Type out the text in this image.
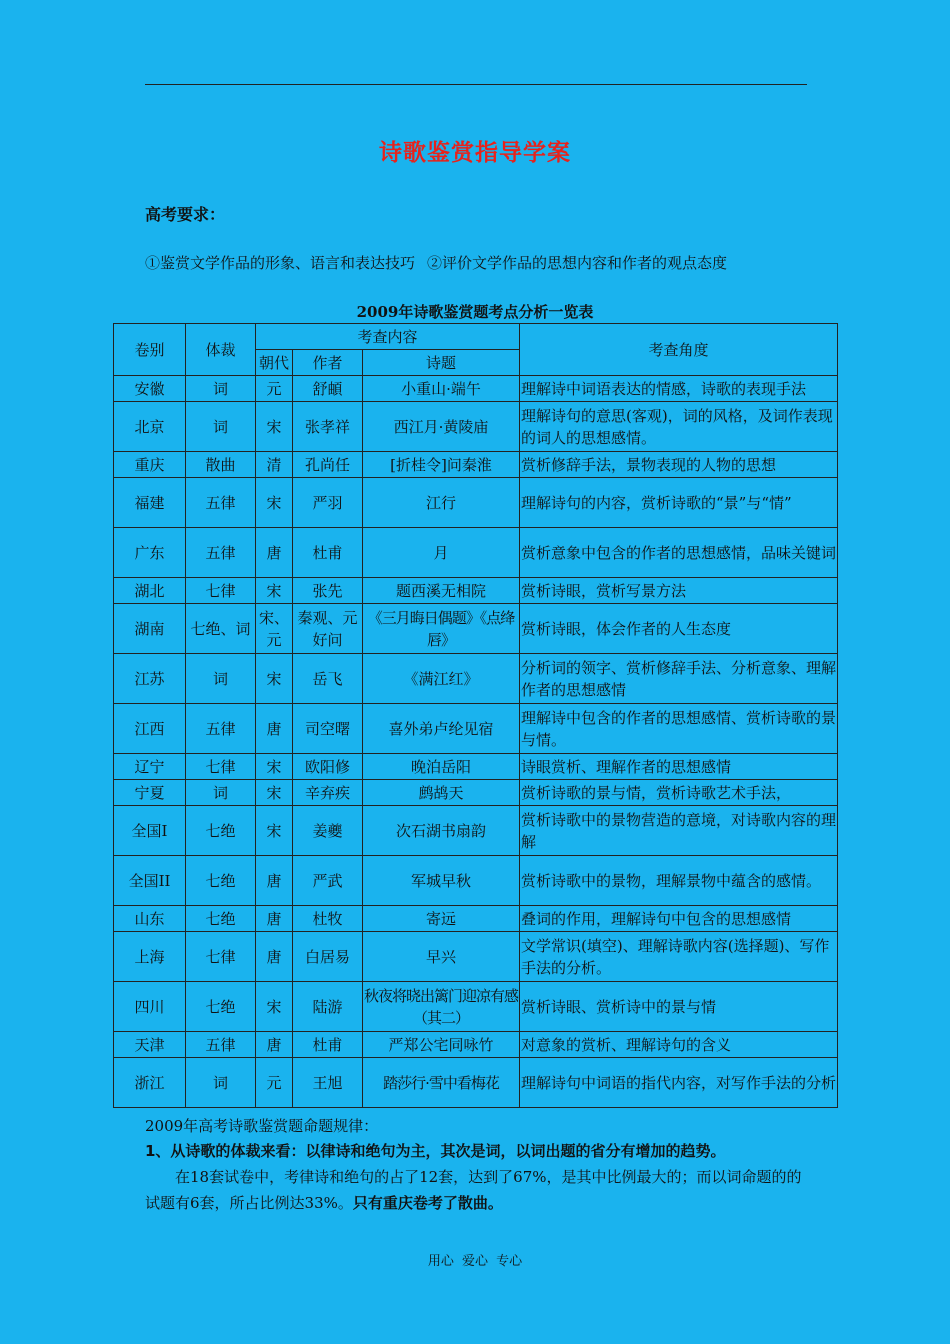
诗歌鉴赏指导学案
高考要求：
①鉴赏文学作品的形象、语言和表达技巧 ②评价文学作品的思想内容和作者的观点态度
2009年诗歌鉴赏题考点分析一览表
卷别	体裁	考查内容			考查角度
		朝代	作者	诗题	
安徽	词	元	舒頔	小重山·端午	理解诗中词语表达的情感，诗歌的表现手法
北京	词	宋	张孝祥	西江月·黄陵庙	理解诗句的意思(客观)，词的风格，及词作表现的词人的思想感情。
重庆	散曲	清	孔尚任	[折桂令]问秦淮	赏析修辞手法，景物表现的人物的思想
福建	五律	宋	严羽	江行	理解诗句的内容，赏析诗歌的“景”与“情”
广东	五律	唐	杜甫	月	赏析意象中包含的作者的思想感情，品味关键词
湖北	七律	宋	张先	题西溪无相院	赏析诗眼，赏析写景方法
湖南	七绝、词	宋、元	秦观、元好问	《三月晦日偶题》《点绛唇》	赏析诗眼，体会作者的人生态度
江苏	词	宋	岳飞	《满江红》	分析词的领字、赏析修辞手法、分析意象、理解作者的思想感情
江西	五律	唐	司空曙	喜外弟卢纶见宿	理解诗中包含的作者的思想感情、赏析诗歌的景与情。
辽宁	七律	宋	欧阳修	晚泊岳阳	诗眼赏析、理解作者的思想感情
宁夏	词	宋	辛弃疾	鹧鸪天	赏析诗歌的景与情，赏析诗歌艺术手法，
全国I	七绝	宋	姜夔	次石湖书扇韵	赏析诗歌中的景物营造的意境，对诗歌内容的理解
全国II	七绝	唐	严武	军城早秋	赏析诗歌中的景物，理解景物中蕴含的感情。
山东	七绝	唐	杜牧	寄远	叠词的作用，理解诗句中包含的思想感情
上海	七律	唐	白居易	早兴	文学常识(填空)、理解诗歌内容(选择题)、写作手法的分析。
四川	七绝	宋	陆游	秋夜将晓出篱门迎凉有感（其二）	赏析诗眼、赏析诗中的景与情
天津	五律	唐	杜甫	严郑公宅同咏竹	对意象的赏析、理解诗句的含义
浙江	词	元	王旭	踏莎行·雪中看梅花	理解诗句中词语的指代内容，对写作手法的分析
2009年高考诗歌鉴赏题命题规律：
1、从诗歌的体裁来看：以律诗和绝句为主，其次是词，以词出题的省分有增加的趋势。
在18套试卷中，考律诗和绝句的占了12套，达到了67%，是其中比例最大的；而以词命题的的试题有6套，所占比例达33%。只有重庆卷考了散曲。
用心 爱心 专心
